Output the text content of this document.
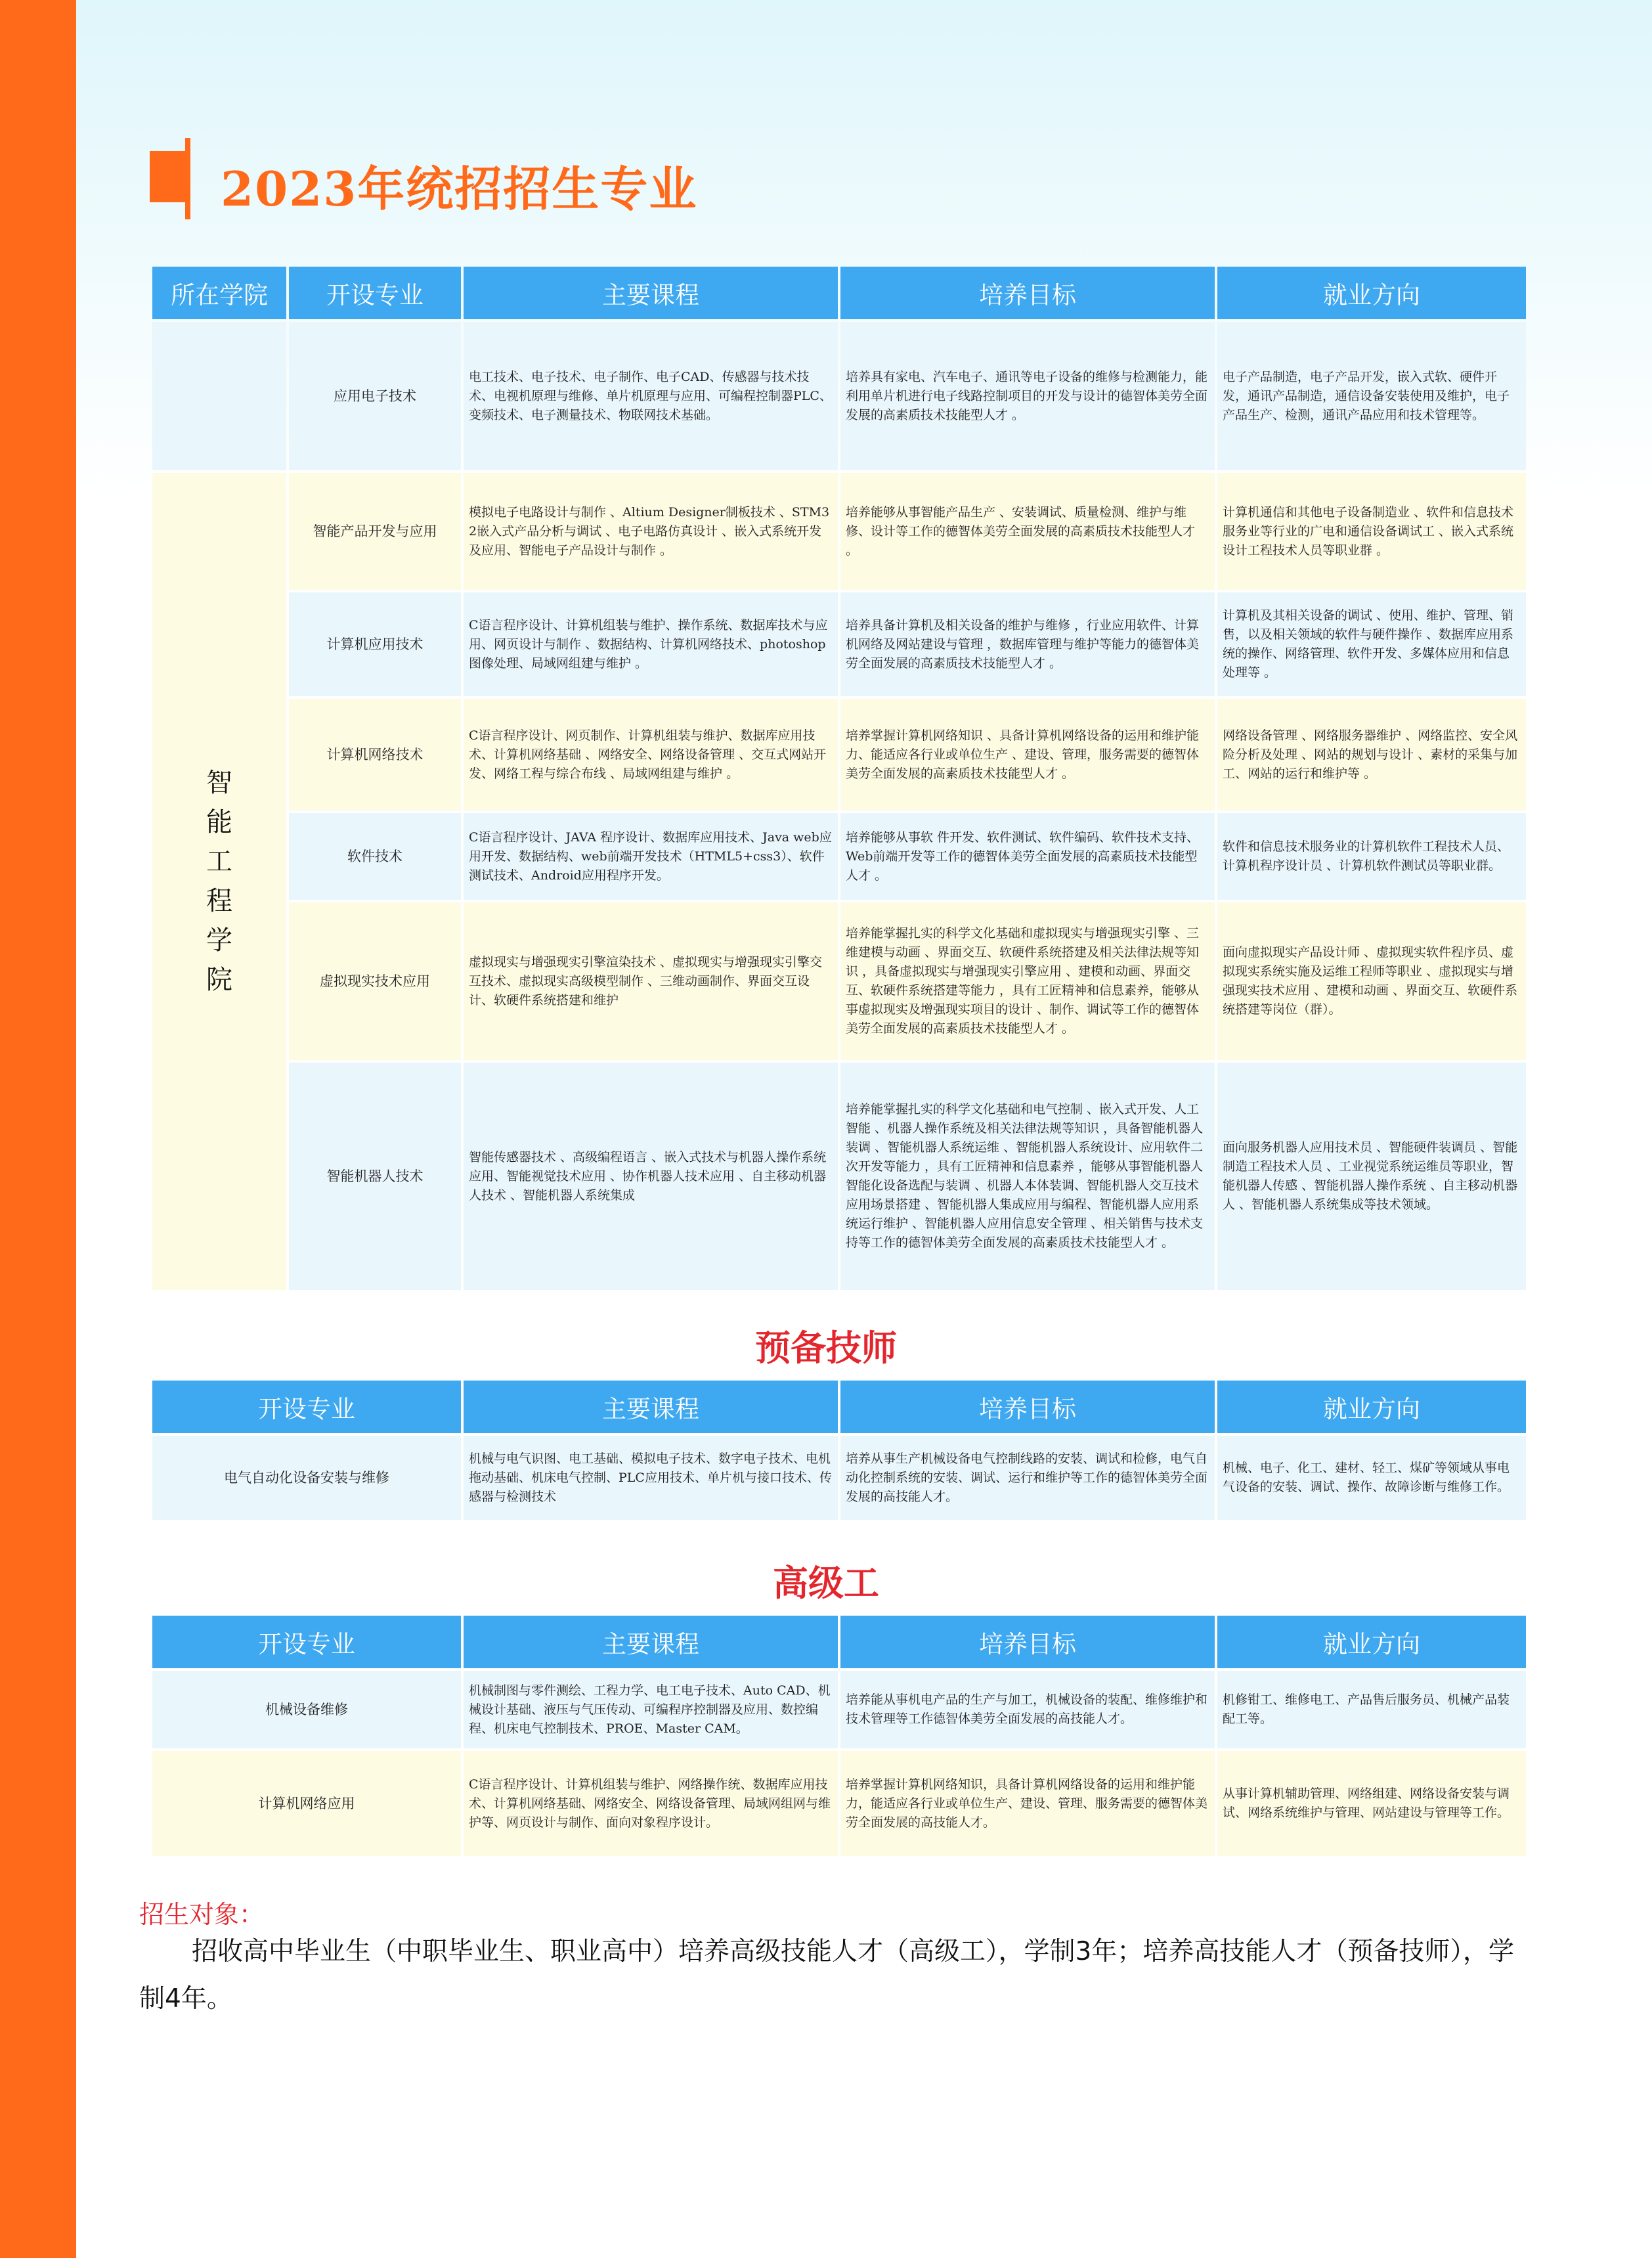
2023年统招招生专业
所在学院	开设专业	主要课程	培养目标	就业方向
	应用电子技术	电工技术、电子技术、电子制作、电子CAD、传感器与技术技术、电视机原理与维修、单片机原理与应用、可编程控制器PLC、变频技术、电子测量技术、物联网技术基础。	培养具有家电、汽车电子、通讯等电子设备的维修与检测能力，能利用单片机进行电子线路控制项目的开发与设计的德智体美劳全面发展的高素质技术技能型人才 。	电子产品制造，电子产品开发，嵌入式软、硬件开发，通讯产品制造，通信设备安装使用及维护，电子产品生产、检测，通讯产品应用和技术管理等。

智能工程学院	智能产品开发与应用	模拟电子电路设计与制作 、Altium Designer制板技术 、STM32嵌入式产品分析与调试 、电子电路仿真设计 、嵌入式系统开发及应用、智能电子产品设计与制作 。	培养能够从事智能产品生产 、安装调试、质量检测、维护与维修、设计等工作的德智体美劳全面发展的高素质技术技能型人才 。	计算机通信和其他电子设备制造业 、软件和信息技术服务业等行业的广电和通信设备调试工 、嵌入式系统设计工程技术人员等职业群 。
	计算机应用技术	C语言程序设计、计算机组装与维护、操作系统、数据库技术与应用、网页设计与制作 、数据结构、计算机网络技术、photoshop图像处理、局域网组建与维护 。	培养具备计算机及相关设备的维护与维修 ，行业应用软件、计算机网络及网站建设与管理 ，数据库管理与维护等能力的德智体美劳全面发展的高素质技术技能型人才 。	计算机及其相关设备的调试 、使用、维护、管理、销售，以及相关领域的软件与硬件操作 、数据库应用系统的操作、网络管理、软件开发、多媒体应用和信息处理等 。
	计算机网络技术	C语言程序设计、网页制作、计算机组装与维护、数据库应用技术、计算机网络基础 、网络安全、网络设备管理 、交互式网站开发、网络工程与综合布线 、局域网组建与维护 。	培养掌握计算机网络知识 、具备计算机网络设备的运用和维护能力、能适应各行业或单位生产 、建设、管理，服务需要的德智体美劳全面发展的高素质技术技能型人才 。	网络设备管理 、网络服务器维护 、网络监控、安全风险分析及处理 、网站的规划与设计 、素材的采集与加工、网站的运行和维护等 。
	软件技术	C语言程序设计、JAVA 程序设计、数据库应用技术、Java web应用开发、数据结构、web前端开发技术（HTML5+css3）、软件测试技术、Android应用程序开发。	培养能够从事软 件开发、软件测试、软件编码、软件技术支持、Web前端开发等工作的德智体美劳全面发展的高素质技术技能型人才 。	软件和信息技术服务业的计算机软件工程技术人员、计算机程序设计员 、计算机软件测试员等职业群。
	虚拟现实技术应用	虚拟现实与增强现实引擎渲染技术 、虚拟现实与增强现实引擎交互技术、虚拟现实高级模型制作 、三维动画制作、界面交互设计、软硬件系统搭建和维护	培养能掌握扎实的科学文化基础和虚拟现实与增强现实引擎 、三维建模与动画 、界面交互、软硬件系统搭建及相关法律法规等知识 ，具备虚拟现实与增强现实引擎应用 、建模和动画、界面交互、软硬件系统搭建等能力 ，具有工匠精神和信息素养，能够从事虚拟现实及增强现实项目的设计 、制作、调试等工作的德智体美劳全面发展的高素质技术技能型人才 。	面向虚拟现实产品设计师 、虚拟现实软件程序员、虚拟现实系统实施及运维工程师等职业 、虚拟现实与增强现实技术应用 、建模和动画 、界面交互、软硬件系统搭建等岗位（群）。
	智能机器人技术	智能传感器技术 、高级编程语言 、嵌入式技术与机器人操作系统应用、智能视觉技术应用 、协作机器人技术应用 、自主移动机器人技术 、智能机器人系统集成	培养能掌握扎实的科学文化基础和电气控制 、嵌入式开发、人工智能 、机器人操作系统及相关法律法规等知识 ，具备智能机器人装调 、智能机器人系统运维 、智能机器人系统设计、应用软件二次开发等能力 ，具有工匠精神和信息素养 ，能够从事智能机器人智能化设备选配与装调 、机器人本体装调、智能机器人交互技术应用场景搭建 、智能机器人集成应用与编程、智能机器人应用系统运行维护 、智能机器人应用信息安全管理 、相关销售与技术支持等工作的德智体美劳全面发展的高素质技术技能型人才 。	面向服务机器人应用技术员 、智能硬件装调员 、智能制造工程技术人员 、工业视觉系统运维员等职业，智能机器人传感 、智能机器人操作系统 、自主移动机器人 、智能机器人系统集成等技术领域。
预备技师
开设专业	主要课程	培养目标	就业方向
电气自动化设备安装与维修	机械与电气识图、电工基础、模拟电子技术、数字电子技术、电机拖动基础、机床电气控制、PLC应用技术、单片机与接口技术、传感器与检测技术	培养从事生产机械设备电气控制线路的安装、调试和检修，电气自动化控制系统的安装、调试、运行和维护等工作的德智体美劳全面发展的高技能人才。	机械、电子、化工、建材、轻工、煤矿等领域从事电气设备的安装、调试、操作、故障诊断与维修工作。
高级工
开设专业	主要课程	培养目标	就业方向
机械设备维修	机械制图与零件测绘、工程力学、电工电子技术、Auto CAD、机械设计基础、液压与气压传动、可编程序控制器及应用、数控编程、机床电气控制技术、PROE、Master CAM。	培养能从事机电产品的生产与加工，机械设备的装配、维修维护和技术管理等工作德智体美劳全面发展的高技能人才。	机修钳工、维修电工、产品售后服务员、机械产品装配工等。
计算机网络应用	C语言程序设计、计算机组装与维护、网络操作统、数据库应用技术、计算机网络基础、网络安全、网络设备管理、局域网组网与维护等、网页设计与制作、面向对象程序设计。	培养掌握计算机网络知识，具备计算机网络设备的运用和维护能力，能适应各行业或单位生产、建设、管理、服务需要的德智体美劳全面发展的高技能人才。	从事计算机辅助管理、网络组建、网络设备安装与调试、网络系统维护与管理、网站建设与管理等工作。
招生对象：
招收高中毕业生（中职毕业生、职业高中）培养高级技能人才（高级工），学制3年；培养高技能人才（预备技师），学制4年。
